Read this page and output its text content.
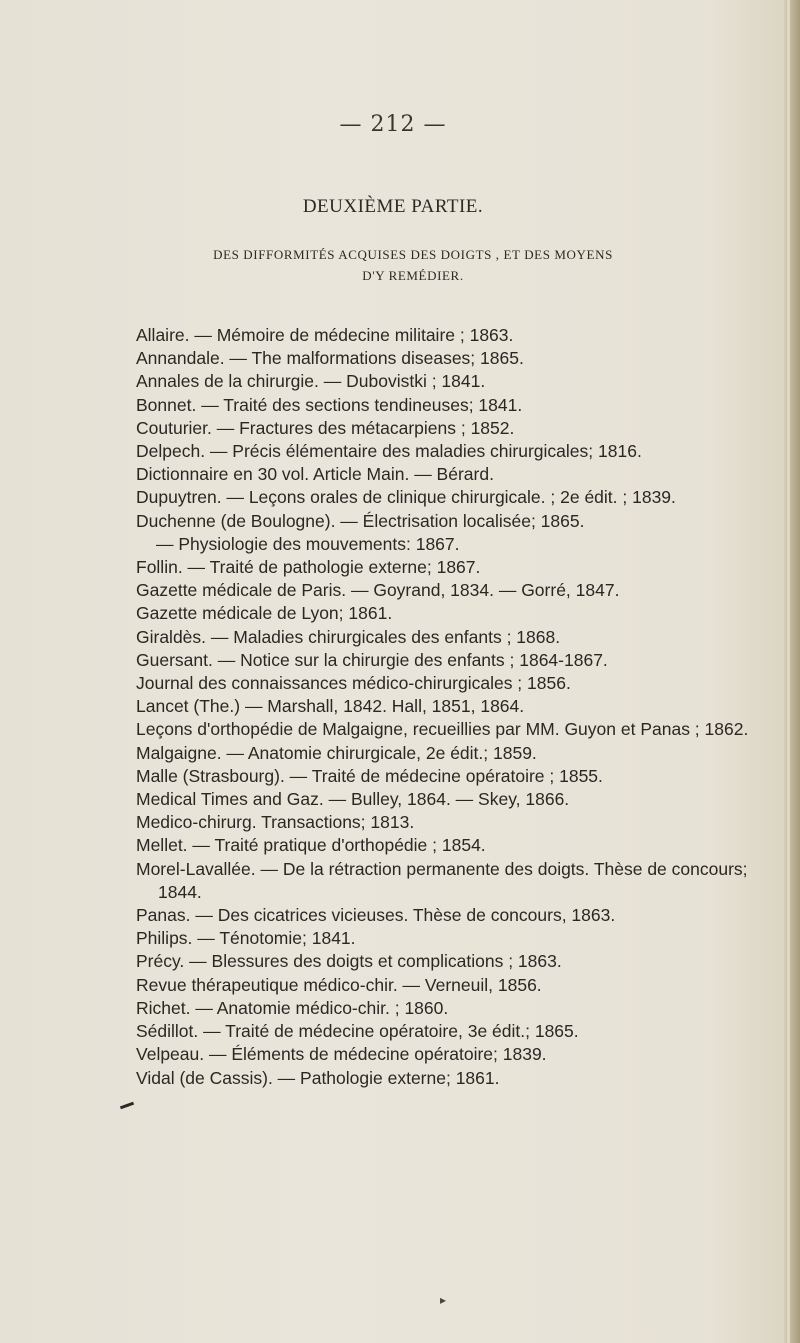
— 212 —
DEUXIÈME PARTIE.
DES DIFFORMITÉS ACQUISES DES DOIGTS , ET DES MOYENS
D'Y REMÉDIER.
Allaire. — Mémoire de médecine militaire ; 1863.
Annandale. — The malformations diseases; 1865.
Annales de la chirurgie. — Dubovistki ; 1841.
Bonnet. — Traité des sections tendineuses; 1841.
Couturier. — Fractures des métacarpiens ; 1852.
Delpech. — Précis élémentaire des maladies chirurgicales; 1816.
Dictionnaire en 30 vol. Article Main. — Bérard.
Dupuytren. — Leçons orales de clinique chirurgicale. ; 2e édit. ; 1839.
Duchenne (de Boulogne). — Électrisation localisée; 1865.
— Physiologie des mouvements: 1867.
Follin. — Traité de pathologie externe; 1867.
Gazette médicale de Paris. — Goyrand, 1834. — Gorré, 1847.
Gazette médicale de Lyon; 1861.
Giraldès. — Maladies chirurgicales des enfants ; 1868.
Guersant. — Notice sur la chirurgie des enfants ; 1864-1867.
Journal des connaissances médico-chirurgicales ; 1856.
Lancet (The.) — Marshall, 1842. Hall, 1851, 1864.
Leçons d'orthopédie de Malgaigne, recueillies par MM. Guyon et Panas ; 1862.
Malgaigne. — Anatomie chirurgicale, 2e édit.; 1859.
Malle (Strasbourg). — Traité de médecine opératoire ; 1855.
Medical Times and Gaz. — Bulley, 1864. — Skey, 1866.
Medico-chirurg. Transactions; 1813.
Mellet. — Traité pratique d'orthopédie ; 1854.
Morel-Lavallée. — De la rétraction permanente des doigts. Thèse de concours; 1844.
Panas. — Des cicatrices vicieuses. Thèse de concours, 1863.
Philips. — Ténotomie; 1841.
Précy. — Blessures des doigts et complications ; 1863.
Revue thérapeutique médico-chir. — Verneuil, 1856.
Richet. — Anatomie médico-chir. ; 1860.
Sédillot. — Traité de médecine opératoire, 3e édit.; 1865.
Velpeau. — Éléments de médecine opératoire; 1839.
Vidal (de Cassis). — Pathologie externe; 1861.
▸
